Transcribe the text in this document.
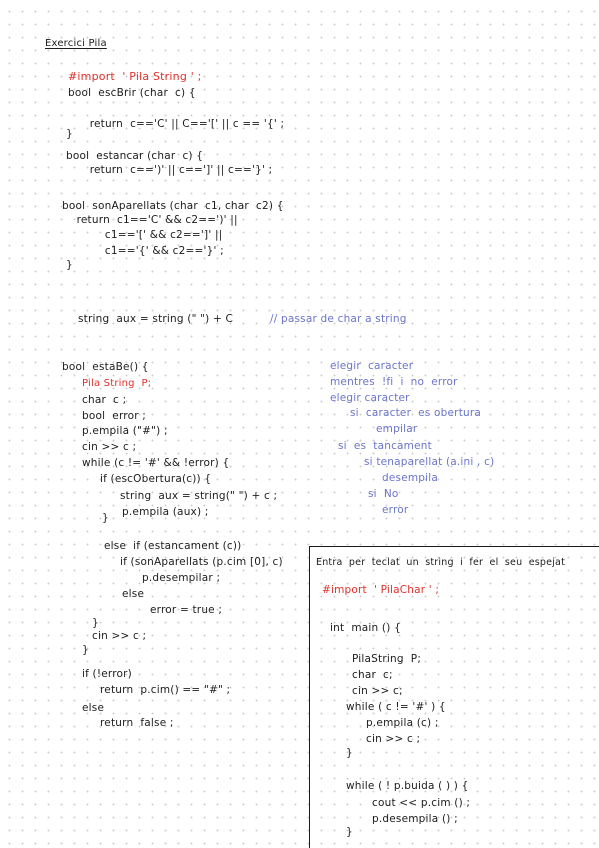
Exercici Pila
#import  ' Pila String ' ;
bool  escBrir (char  c) {
return  c=='C' || C=='[' || c == '{' ;
}
bool  estancar (char  c) {
return  c==')' || c==']' || c=='}' ;
bool  sonAparellats (char  c1, char  c2) {
return  c1=='C' && c2==')' ||
c1=='[' && c2==']' ||
c1=='{' && c2=='}' ;
}
string  aux = string (" ") + C	// passar de char a string
bool  estaBe() {
Pila String  P;
char  c ;
bool  error ;
p.empila ("#") ;
cin >> c ;
while (c != '#' && !error) {
if (escObertura(c)) {
string  aux = string(" ") + c ;
p.empila (aux) ;
}
else  if (estancament (c))
if (sonAparellats (p.cim [0], c)
p.desempilar ;
else
error = true ;
}
cin >> c ;
}
if (!error)
return  p.cim() == "#" ;
else
return  false ;
elegir  caracter
mentres  !fi  i  no  error
elegir caracter
si  caracter  es obertura
empilar
si  es  tancament
si tenaparellat (a.ini , c)
desempila
si  No
error
Entra  per  teclat  un  string  i  fer  el  seu  espejat
#import  ' PilaChar ' ;
int  main () {
PilaString  P;
char  c;
cin >> c;
while ( c != '#' ) {
p.empila (c) ;
cin >> c ;
}
while ( ! p.buida ( ) ) {
cout << p.cim () ;
p.desempila () ;
}
